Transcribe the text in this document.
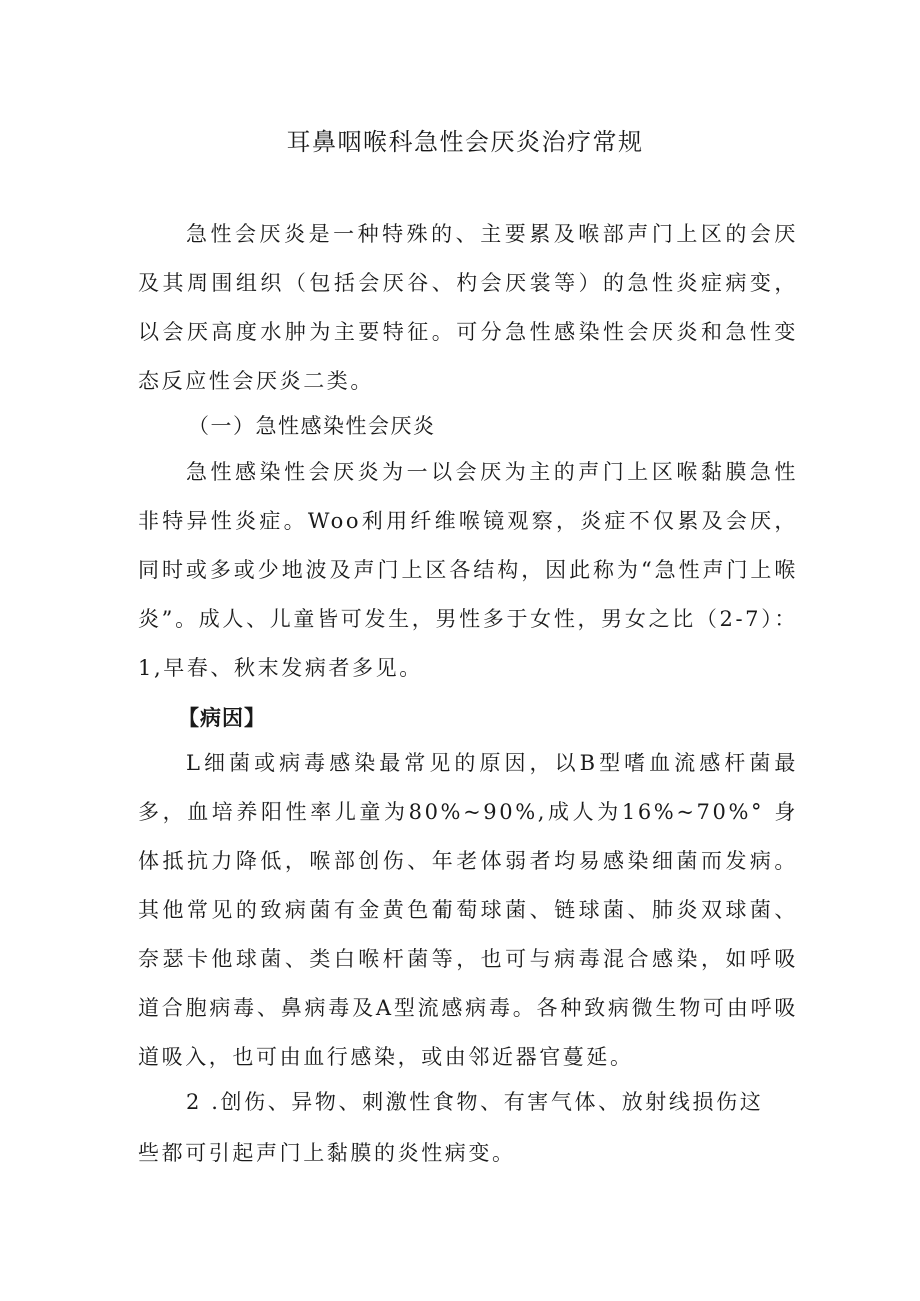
耳鼻咽喉科急性会厌炎治疗常规

急性会厌炎是一种特殊的、主要累及喉部声门上区的会厌及其周围组织（包括会厌谷、杓会厌裳等）的急性炎症病变，以会厌高度水肿为主要特征。可分急性感染性会厌炎和急性变态反应性会厌炎二类。

（一）急性感染性会厌炎

急性感染性会厌炎为一以会厌为主的声门上区喉黏膜急性非特异性炎症。Woo利用纤维喉镜观察，炎症不仅累及会厌，同时或多或少地波及声门上区各结构，因此称为“急性声门上喉炎”。成人、儿童皆可发生，男性多于女性，男女之比（2-7）：1,早春、秋末发病者多见。

【病因】

L细菌或病毒感染最常见的原因，以B型嗜血流感杆菌最多，血培养阳性率儿童为80%~90%,成人为16%~70%° 身体抵抗力降低，喉部创伤、年老体弱者均易感染细菌而发病。其他常见的致病菌有金黄色葡萄球菌、链球菌、肺炎双球菌、奈瑟卡他球菌、类白喉杆菌等，也可与病毒混合感染，如呼吸道合胞病毒、鼻病毒及A型流感病毒。各种致病微生物可由呼吸道吸入，也可由血行感染，或由邻近器官蔓延。

2 .创伤、异物、刺激性食物、有害气体、放射线损伤这

些都可引起声门上黏膜的炎性病变。
